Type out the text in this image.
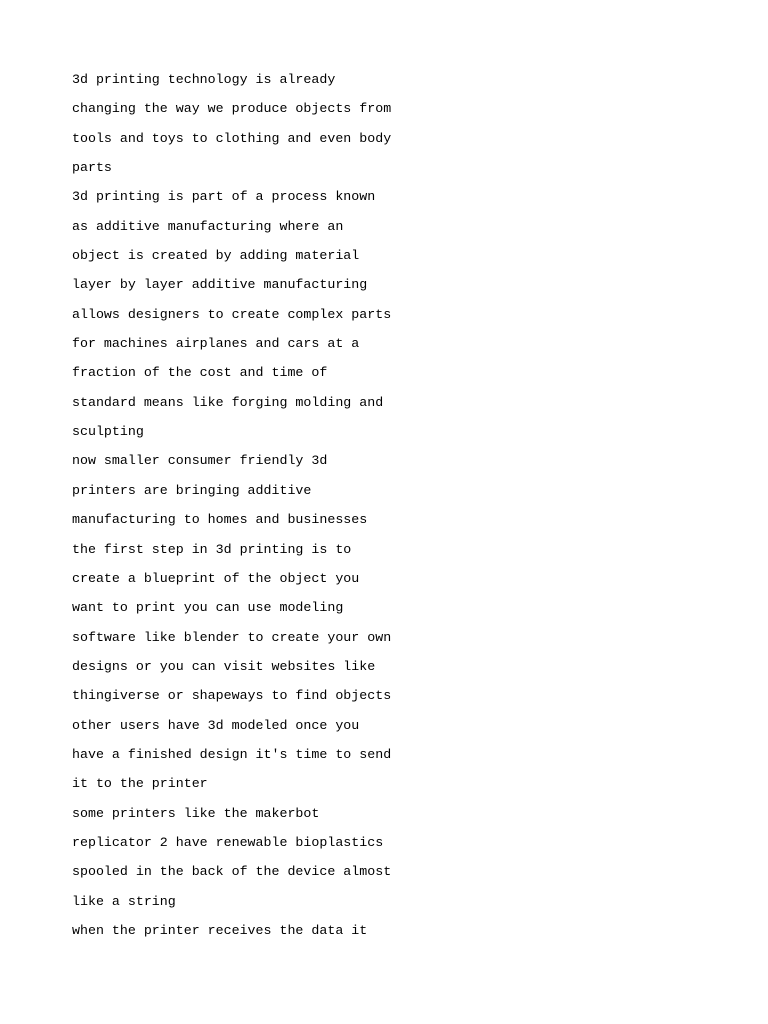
3d printing technology is already
changing the way we produce objects from
tools and toys to clothing and even body
parts
3d printing is part of a process known
as additive manufacturing where an
object is created by adding material
layer by layer additive manufacturing
allows designers to create complex parts
for machines airplanes and cars at a
fraction of the cost and time of
standard means like forging molding and
sculpting
now smaller consumer friendly 3d
printers are bringing additive
manufacturing to homes and businesses
the first step in 3d printing is to
create a blueprint of the object you
want to print you can use modeling
software like blender to create your own
designs or you can visit websites like
thingiverse or shapeways to find objects
other users have 3d modeled once you
have a finished design it's time to send
it to the printer
some printers like the makerbot
replicator 2 have renewable bioplastics
spooled in the back of the device almost
like a string
when the printer receives the data it
